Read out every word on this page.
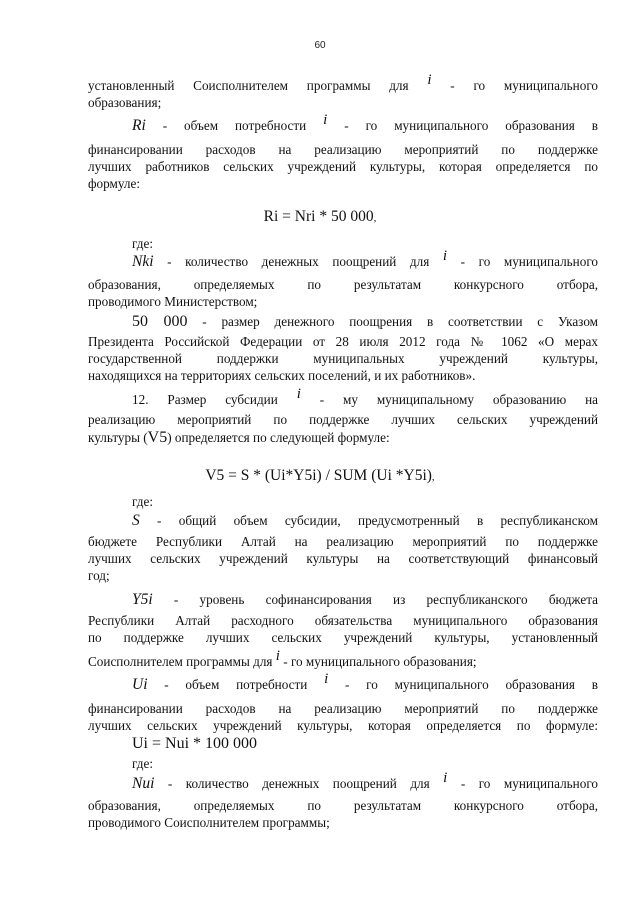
60
установленный Соисполнителем программы для i - го муниципального
образования;
Ri - объем потребности i - го муниципального образования в
финансировании расходов на реализацию мероприятий по поддержке
лучших работников сельских учреждений культуры, которая определяется по
формуле:
Ri = Nri * 50 000,
где:
Nki - количество денежных поощрений для i - го муниципального
образования, определяемых по результатам конкурсного отбора,
проводимого Министерством;
50 000 - размер денежного поощрения в соответствии с Указом
Президента Российской Федерации от 28 июля 2012 года № 1062 «О мерах
государственной поддержки муниципальных учреждений культуры,
находящихся на территориях сельских поселений, и их работников».
12. Размер субсидии i - му муниципальному образованию на
реализацию мероприятий по поддержке лучших сельских учреждений
культуры (V5) определяется по следующей формуле:
V5 = S * (Ui*Y5i) / SUM (Ui *Y5i),
где:
S - общий объем субсидии, предусмотренный в республиканском
бюджете Республики Алтай на реализацию мероприятий по поддержке
лучших сельских учреждений культуры на соответствующий финансовый
год;
Y5i - уровень софинансирования из республиканского бюджета
Республики Алтай расходного обязательства муниципального образования
по поддержке лучших сельских учреждений культуры, установленный
Соисполнителем программы для i - го муниципального образования;
Ui - объем потребности i - го муниципального образования в
финансировании расходов на реализацию мероприятий по поддержке
лучших сельских учреждений культуры, которая определяется по формуле:
Ui = Nui * 100 000
где:
Nui - количество денежных поощрений для i - го муниципального
образования, определяемых по результатам конкурсного отбора,
проводимого Соисполнителем программы;
